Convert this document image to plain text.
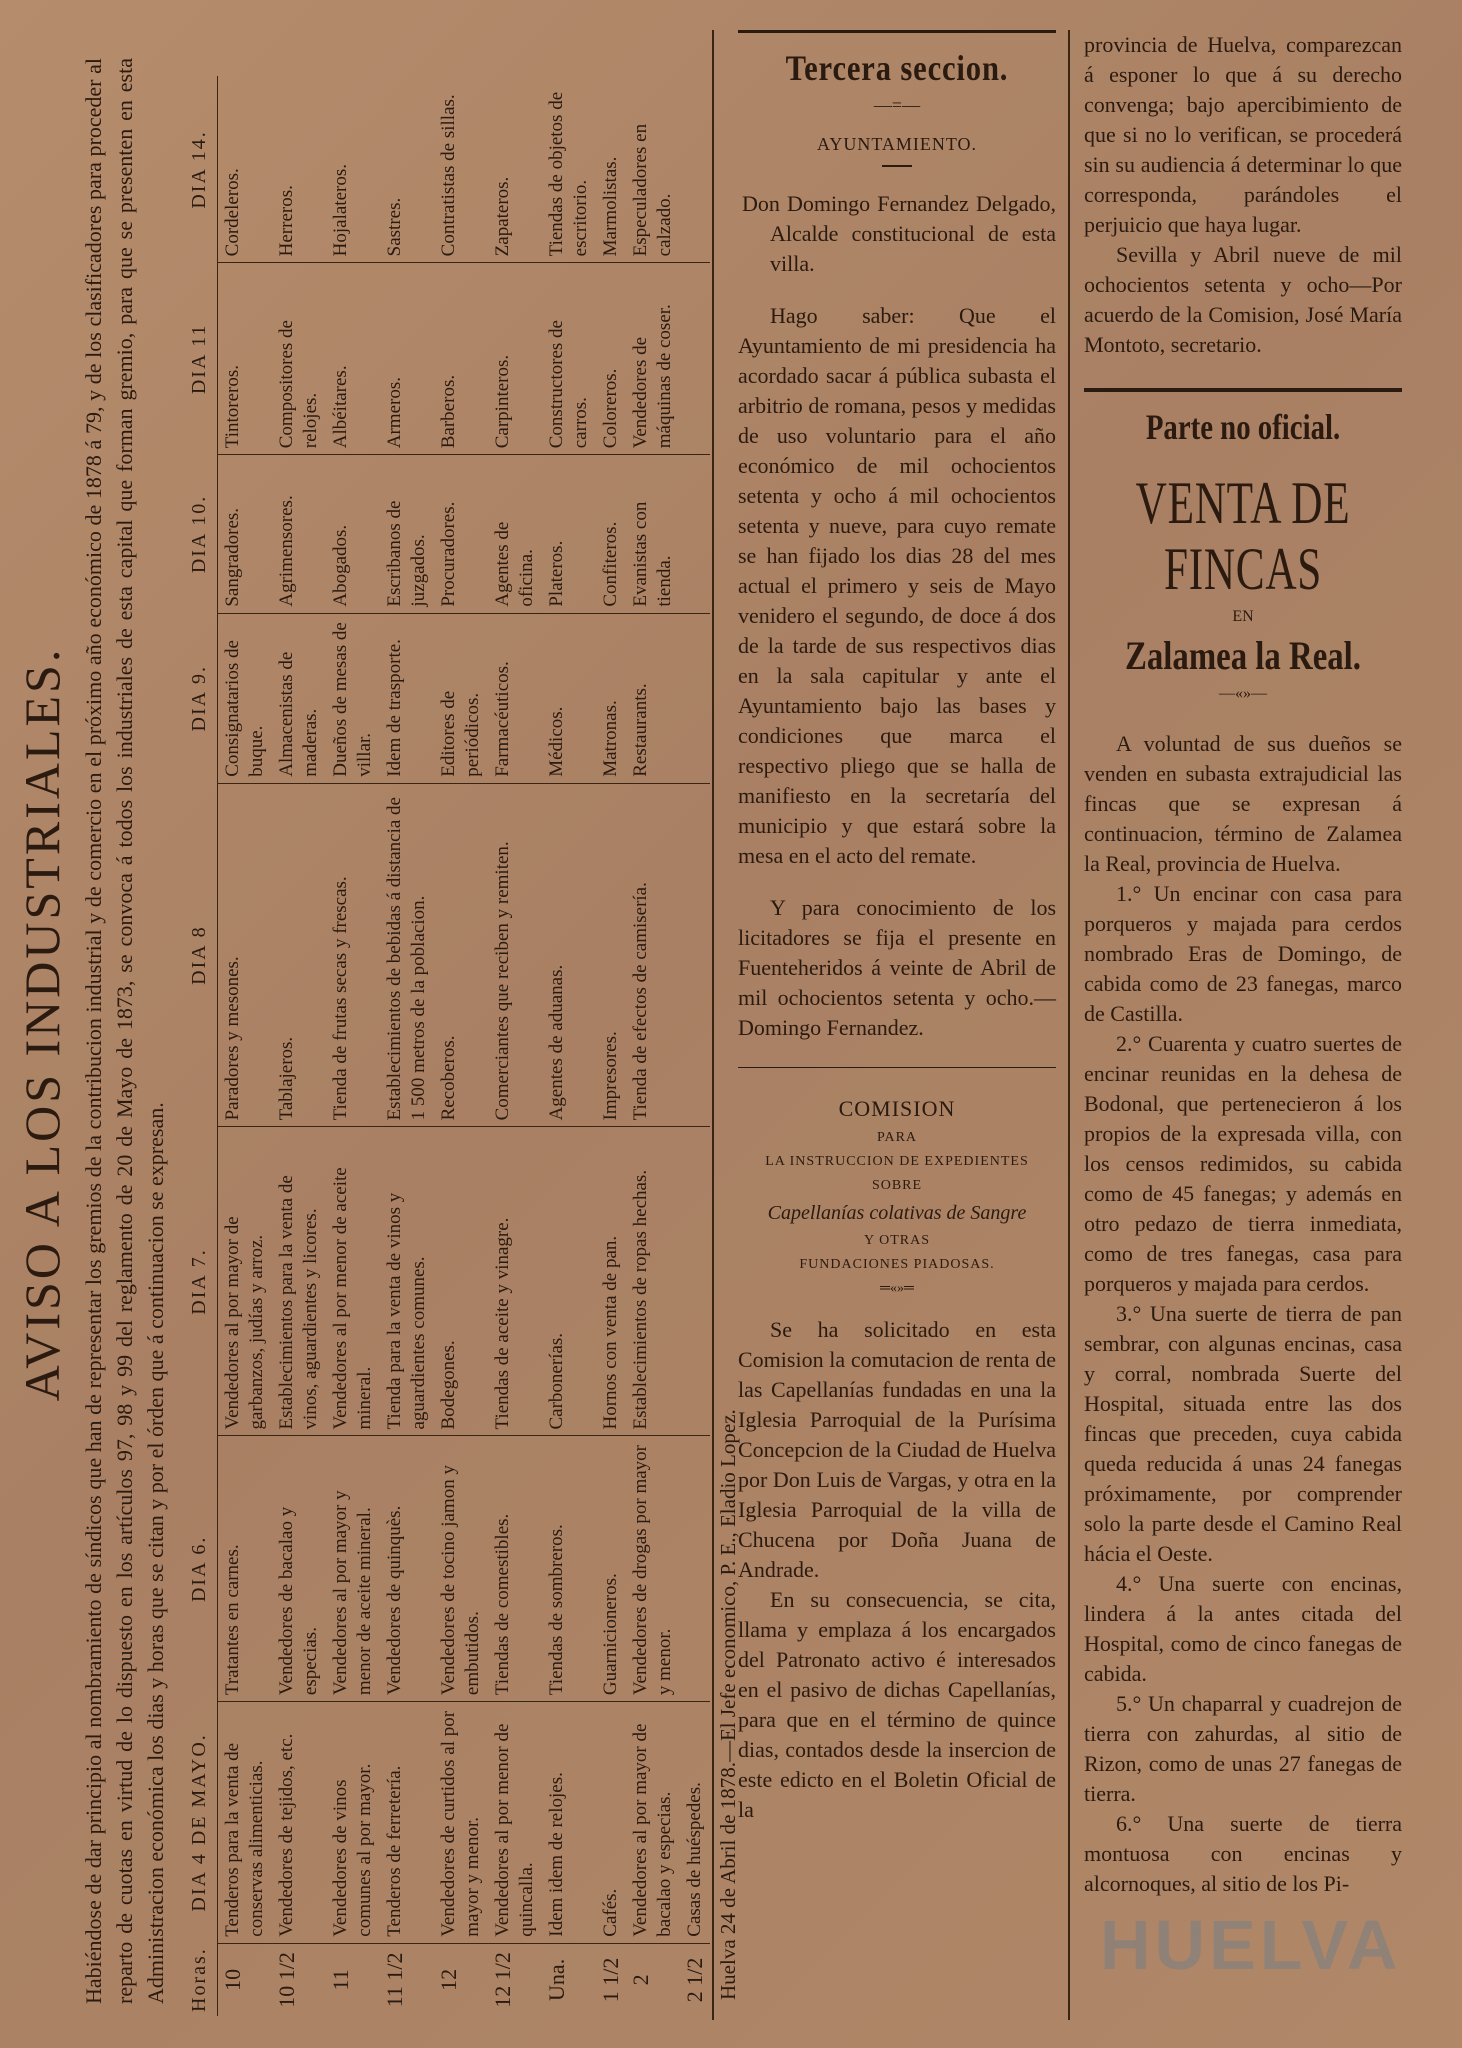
AVISO A LOS INDUSTRIALES. Habiéndose de dar principio al nombramiento de síndicos que han de representar los gremios de la contribucion industrial y de comercio en el próximo año económico de 1878 á 79, y de los clasificadores para proceder al reparto de cuotas en virtud de lo dispuesto en los artículos 97, 98 y 99 del reglamento de 20 de Mayo de 1873, se convoca á todos los industriales de esta capital que forman gremio, para que se presenten en esta Administracion económica los dias y horas que se citan y por el órden que á continuacion se expresan. Horas.	DIA 4 DE MAYO.	DIA 6.	DIA 7.	DIA 8	DIA 9.	DIA 10.	DIA 11	DIA 14.
10	Tenderos para la venta de conservas alimenticias.	Tratantes en carnes.	Vendedores al por mayor de garbanzos, judías y arroz.	Paradores y mesones.	Consignatarios de buque.	Sangradores.	Tintoreros.	Cordeleros.
10 1/2	Vendedores de tejidos, etc.	Vendedores de bacalao y especias.	Establecimientos para la venta de vinos, aguardientes y licores.	Tablajeros.	Almacenistas de maderas.	Agrimensores.	Compositores de relojes.	Herreros.
11	Vendedores de vinos comunes al por mayor.	Vendedores al por mayor y menor de aceite mineral.	Vendedores al por menor de aceite mineral.	Tienda de frutas secas y frescas.	Dueños de mesas de villar.	Abogados.	Albéitares.	Hojalateros.
11 1/2	Tenderos de ferretería.	Vendedores de quinquès.	Tienda para la venta de vinos y aguardientes comunes.	Establecimientos de bebidas á distancia de 1 500 metros de la poblacion.	Idem de trasporte.	Escribanos de juzgados.	Armeros.	Sastres.
12	Vendedores de curtidos al por mayor y menor.	Vendedores de tocino jamon y embutidos.	Bodegones.	Recoberos.	Editores de periódicos.	Procuradores.	Barberos.	Contratistas de sillas.
12 1/2	Vendedores al por menor de quincalla.	Tiendas de comestibles.	Tiendas de aceite y vinagre.	Comerciantes que reciben y remiten.	Farmacéuticos.	Agentes de oficina.	Carpinteros.	Zapateros.
Una.	Idem idem de relojes.	Tiendas de sombreros.	Carbonerías.	Agentes de aduanas.	Médicos.	Plateros.	Constructores de carros.	Tiendas de objetos de escritorio.
1 1/2	Cafés.	Guarnicioneros.	Hornos con venta de pan.	Impresores.	Matronas.	Confiteros.	Coloreros.	Marmolistas.
2	Vendedores al por mayor de bacalao y especias.	Vendedores de drogas por mayor y menor.	Establecimientos de ropas hechas.	Tienda de efectos de camisería.	Restaurants.	Evanistas con tienda.	Vendedores de máquinas de coser.	Especuladores en calzado.
2 1/2	Casas de huéspedes.							Huelva 24 de Abril de 1878.—El Jefe economico, P. E., Eladio Lopez.
Tercera seccion.
—=—
AYUNTAMIENTO.

Don Domingo Fernandez Delgado, Alcalde constitucional de esta villa.

Hago saber: Que el Ayuntamiento de mi presidencia ha acordado sacar á pública subasta el arbitrio de romana, pesos y medidas de uso voluntario para el año económico de mil ochocientos setenta y ocho á mil ochocientos setenta y nueve, para cuyo remate se han fijado los dias 28 del mes actual el primero y seis de Mayo venidero el segundo, de doce á dos de la tarde de sus respectivos dias en la sala capitular y ante el Ayuntamiento bajo las bases y condiciones que marca el respectivo pliego que se halla de manifiesto en la secretaría del municipio y que estará sobre la mesa en el acto del remate.

Y para conocimiento de los licitadores se fija el presente en Fuenteheridos á veinte de Abril de mil ochocientos setenta y ocho.—Domingo Fernandez.

COMISION
PARA
LA INSTRUCCION DE EXPEDIENTES
SOBRE
Capellanías colativas de Sangre
Y OTRAS
FUNDACIONES PIADOSAS.
═«»═

Se ha solicitado en esta Comision la comutacion de renta de las Capellanías fundadas en una la Iglesia Parroquial de la Purísima Concepcion de la Ciudad de Huelva por Don Luis de Vargas, y otra en la Iglesia Parroquial de la villa de Chucena por Doña Juana de Andrade.

En su consecuencia, se cita, llama y emplaza á los encargados del Patronato activo é interesados en el pasivo de dichas Capellanías, para que en el término de quince dias, contados desde la insercion de este edicto en el Boletin Oficial de la

provincia de Huelva, comparezcan á esponer lo que á su derecho convenga; bajo apercibimiento de que si no lo verifican, se procederá sin su audiencia á determinar lo que corresponda, parándoles el perjuicio que haya lugar.

Sevilla y Abril nueve de mil ochocientos setenta y ocho—Por acuerdo de la Comision, José María Montoto, secretario.

Parte no oficial.
VENTA DE FINCAS
EN
Zalamea la Real.
—«»—

A voluntad de sus dueños se venden en subasta extrajudicial las fincas que se expresan á continuacion, término de Zalamea la Real, provincia de Huelva.

1.° Un encinar con casa para porqueros y majada para cerdos nombrado Eras de Domingo, de cabida como de 23 fanegas, marco de Castilla.

2.° Cuarenta y cuatro suertes de encinar reunidas en la dehesa de Bodonal, que pertenecieron á los propios de la expresada villa, con los censos redimidos, su cabida como de 45 fanegas; y además en otro pedazo de tierra inmediata, como de tres fanegas, casa para porqueros y majada para cerdos.

3.° Una suerte de tierra de pan sembrar, con algunas encinas, casa y corral, nombrada Suerte del Hospital, situada entre las dos fincas que preceden, cuya cabida queda reducida á unas 24 fanegas próximamente, por comprender solo la parte desde el Camino Real hácia el Oeste.

4.° Una suerte con encinas, lindera á la antes citada del Hospital, como de cinco fanegas de cabida.

5.° Un chaparral y cuadrejon de tierra con zahurdas, al sitio de Rizon, como de unas 27 fanegas de tierra.

6.° Una suerte de tierra montuosa con encinas y alcornoques, al sitio de los Pi-

HUELVA
